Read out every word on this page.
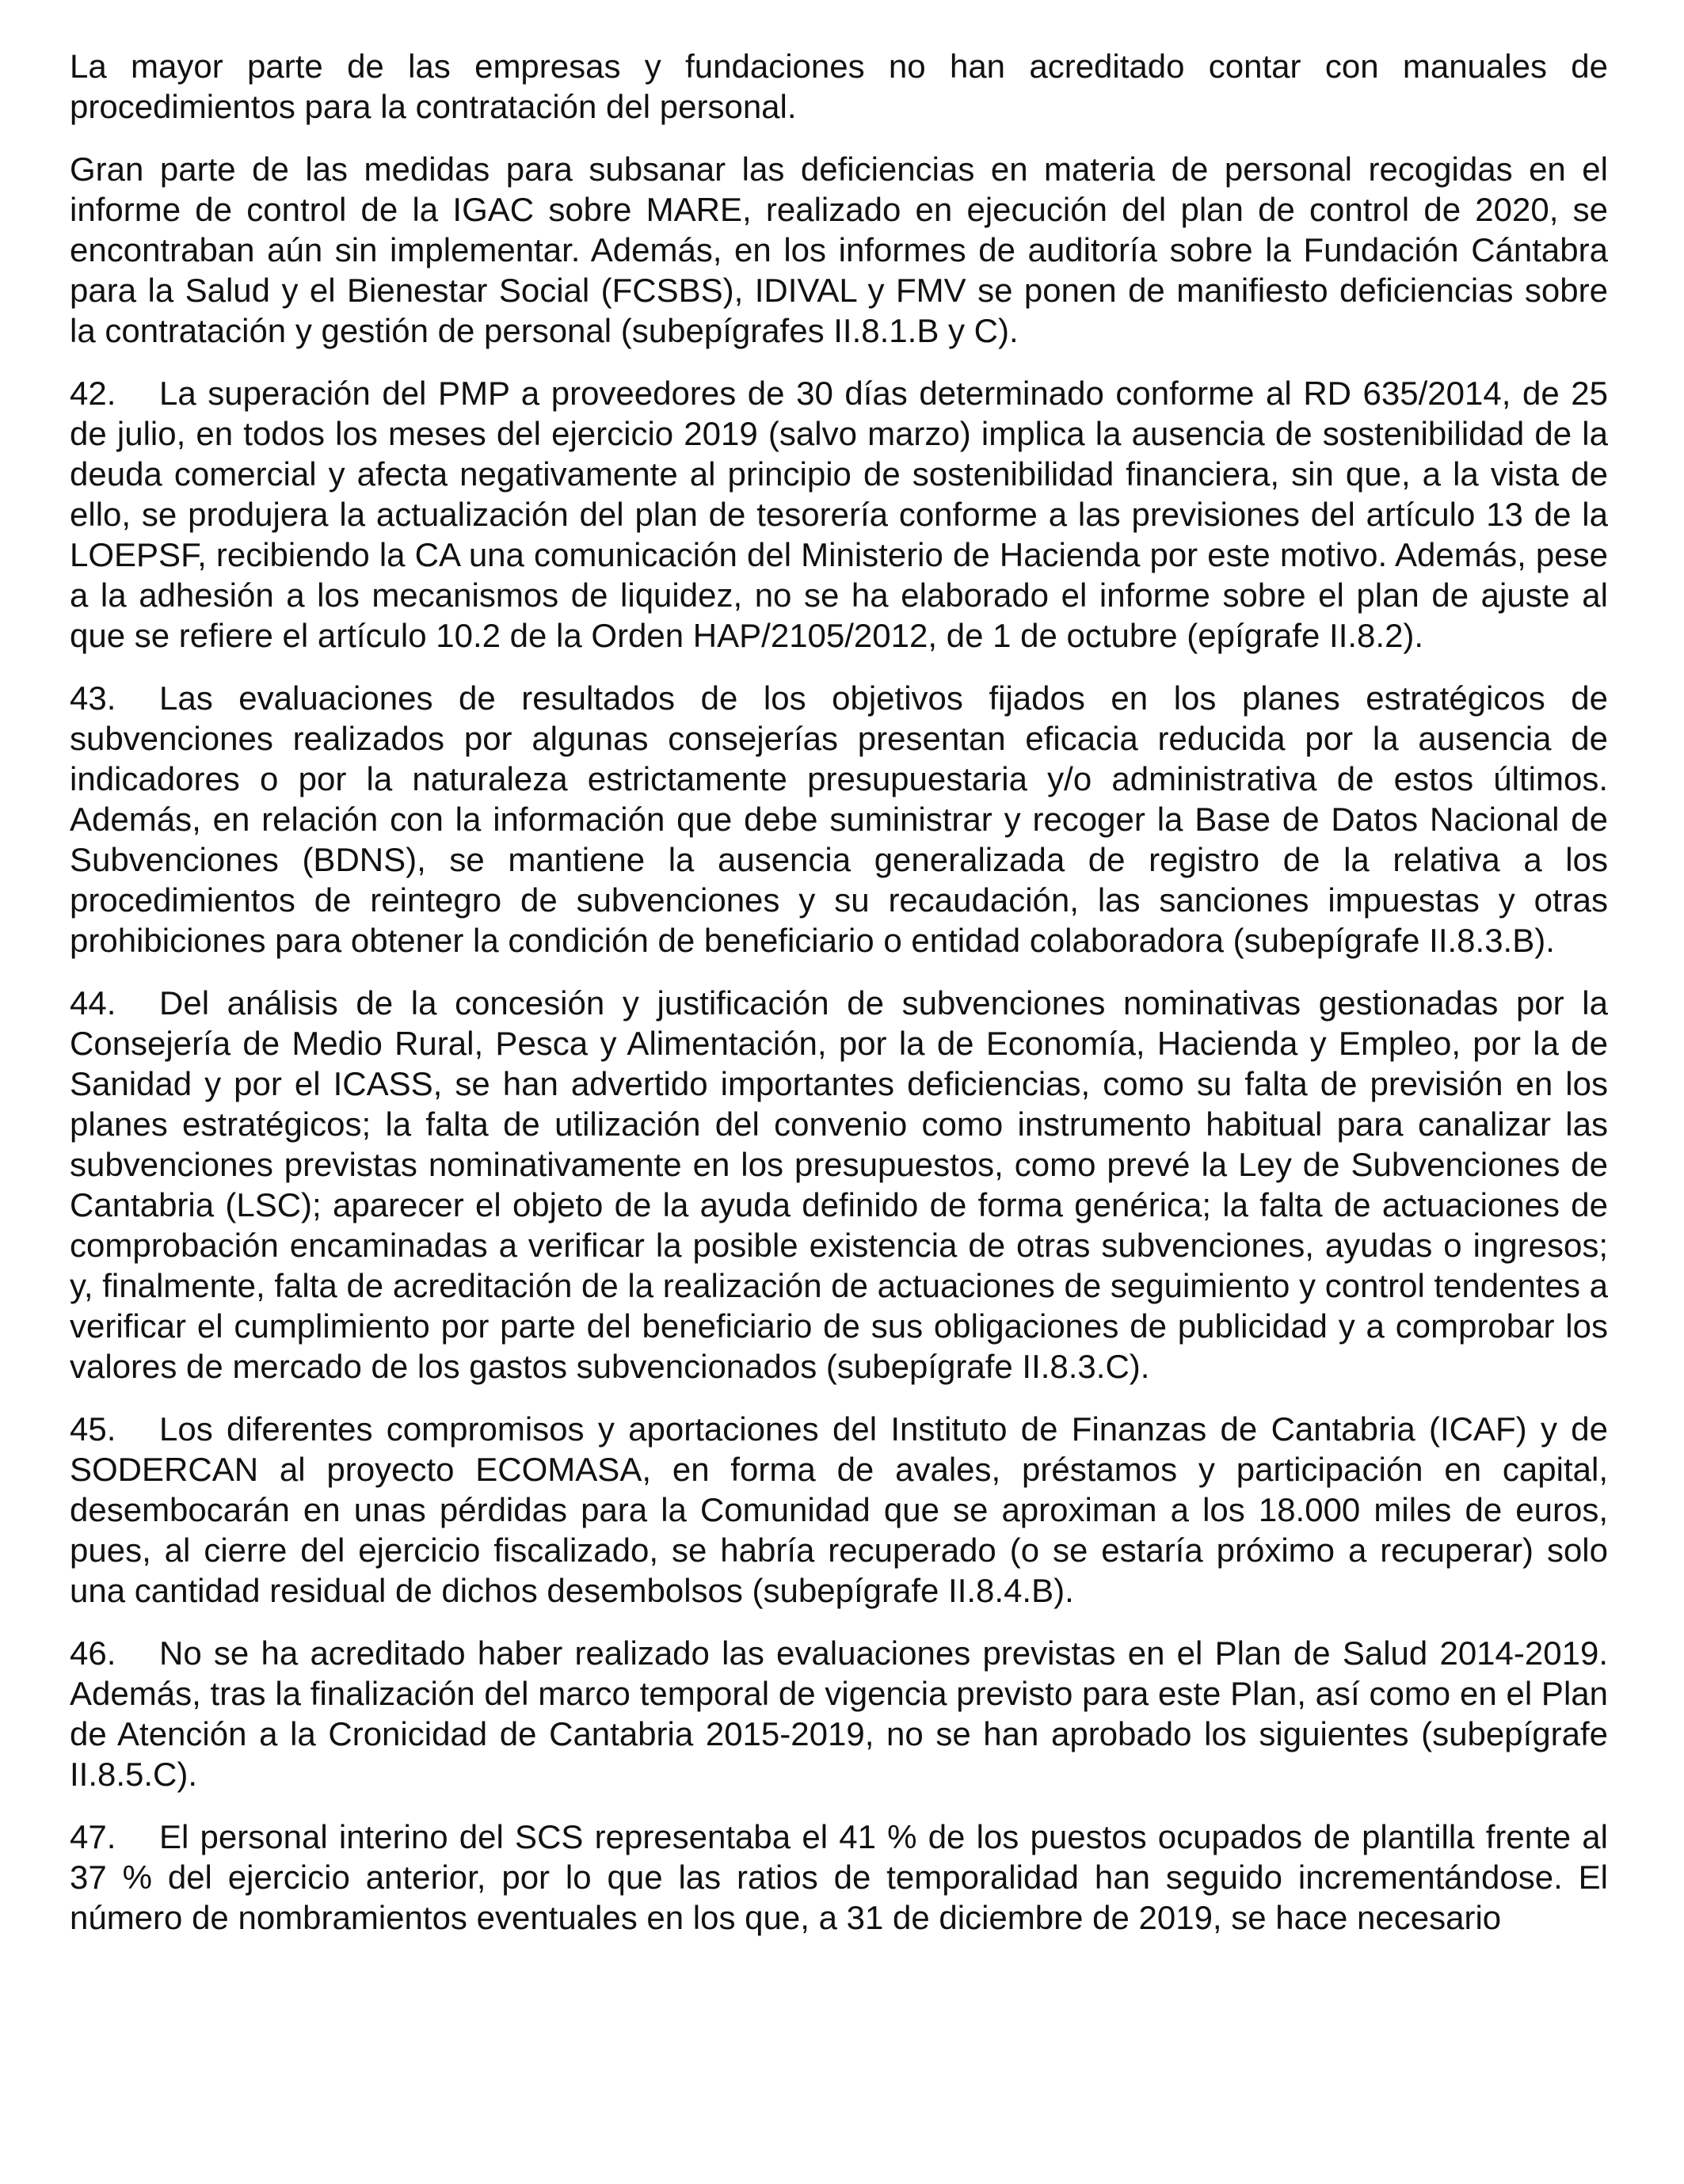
La mayor parte de las empresas y fundaciones no han acreditado contar con manuales de procedimientos para la contratación del personal.

Gran parte de las medidas para subsanar las deficiencias en materia de personal recogidas en el informe de control de la IGAC sobre MARE, realizado en ejecución del plan de control de 2020, se encontraban aún sin implementar. Además, en los informes de auditoría sobre la Fundación Cántabra para la Salud y el Bienestar Social (FCSBS), IDIVAL y FMV se ponen de manifiesto deficiencias sobre la contratación y gestión de personal (subepígrafes II.8.1.B y C).

42. La superación del PMP a proveedores de 30 días determinado conforme al RD 635/2014, de 25 de julio, en todos los meses del ejercicio 2019 (salvo marzo) implica la ausencia de sostenibilidad de la deuda comercial y afecta negativamente al principio de sostenibilidad financiera, sin que, a la vista de ello, se produjera la actualización del plan de tesorería conforme a las previsiones del artículo 13 de la LOEPSF, recibiendo la CA una comunicación del Ministerio de Hacienda por este motivo. Además, pese a la adhesión a los mecanismos de liquidez, no se ha elaborado el informe sobre el plan de ajuste al que se refiere el artículo 10.2 de la Orden HAP/2105/2012, de 1 de octubre (epígrafe II.8.2).

43. Las evaluaciones de resultados de los objetivos fijados en los planes estratégicos de subvenciones realizados por algunas consejerías presentan eficacia reducida por la ausencia de indicadores o por la naturaleza estrictamente presupuestaria y/o administrativa de estos últimos. Además, en relación con la información que debe suministrar y recoger la Base de Datos Nacional de Subvenciones (BDNS), se mantiene la ausencia generalizada de registro de la relativa a los procedimientos de reintegro de subvenciones y su recaudación, las sanciones impuestas y otras prohibiciones para obtener la condición de beneficiario o entidad colaboradora (subepígrafe II.8.3.B).

44. Del análisis de la concesión y justificación de subvenciones nominativas gestionadas por la Consejería de Medio Rural, Pesca y Alimentación, por la de Economía, Hacienda y Empleo, por la de Sanidad y por el ICASS, se han advertido importantes deficiencias, como su falta de previsión en los planes estratégicos; la falta de utilización del convenio como instrumento habitual para canalizar las subvenciones previstas nominativamente en los presupuestos, como prevé la Ley de Subvenciones de Cantabria (LSC); aparecer el objeto de la ayuda definido de forma genérica; la falta de actuaciones de comprobación encaminadas a verificar la posible existencia de otras subvenciones, ayudas o ingresos; y, finalmente, falta de acreditación de la realización de actuaciones de seguimiento y control tendentes a verificar el cumplimiento por parte del beneficiario de sus obligaciones de publicidad y a comprobar los valores de mercado de los gastos subvencionados (subepígrafe II.8.3.C).

45. Los diferentes compromisos y aportaciones del Instituto de Finanzas de Cantabria (ICAF) y de SODERCAN al proyecto ECOMASA, en forma de avales, préstamos y participación en capital, desembocarán en unas pérdidas para la Comunidad que se aproximan a los 18.000 miles de euros, pues, al cierre del ejercicio fiscalizado, se habría recuperado (o se estaría próximo a recuperar) solo una cantidad residual de dichos desembolsos (subepígrafe II.8.4.B).

46. No se ha acreditado haber realizado las evaluaciones previstas en el Plan de Salud 2014-2019. Además, tras la finalización del marco temporal de vigencia previsto para este Plan, así como en el Plan de Atención a la Cronicidad de Cantabria 2015-2019, no se han aprobado los siguientes (subepígrafe II.8.5.C).

47. El personal interino del SCS representaba el 41 % de los puestos ocupados de plantilla frente al 37 % del ejercicio anterior, por lo que las ratios de temporalidad han seguido incrementándose. El número de nombramientos eventuales en los que, a 31 de diciembre de 2019, se hace necesario
